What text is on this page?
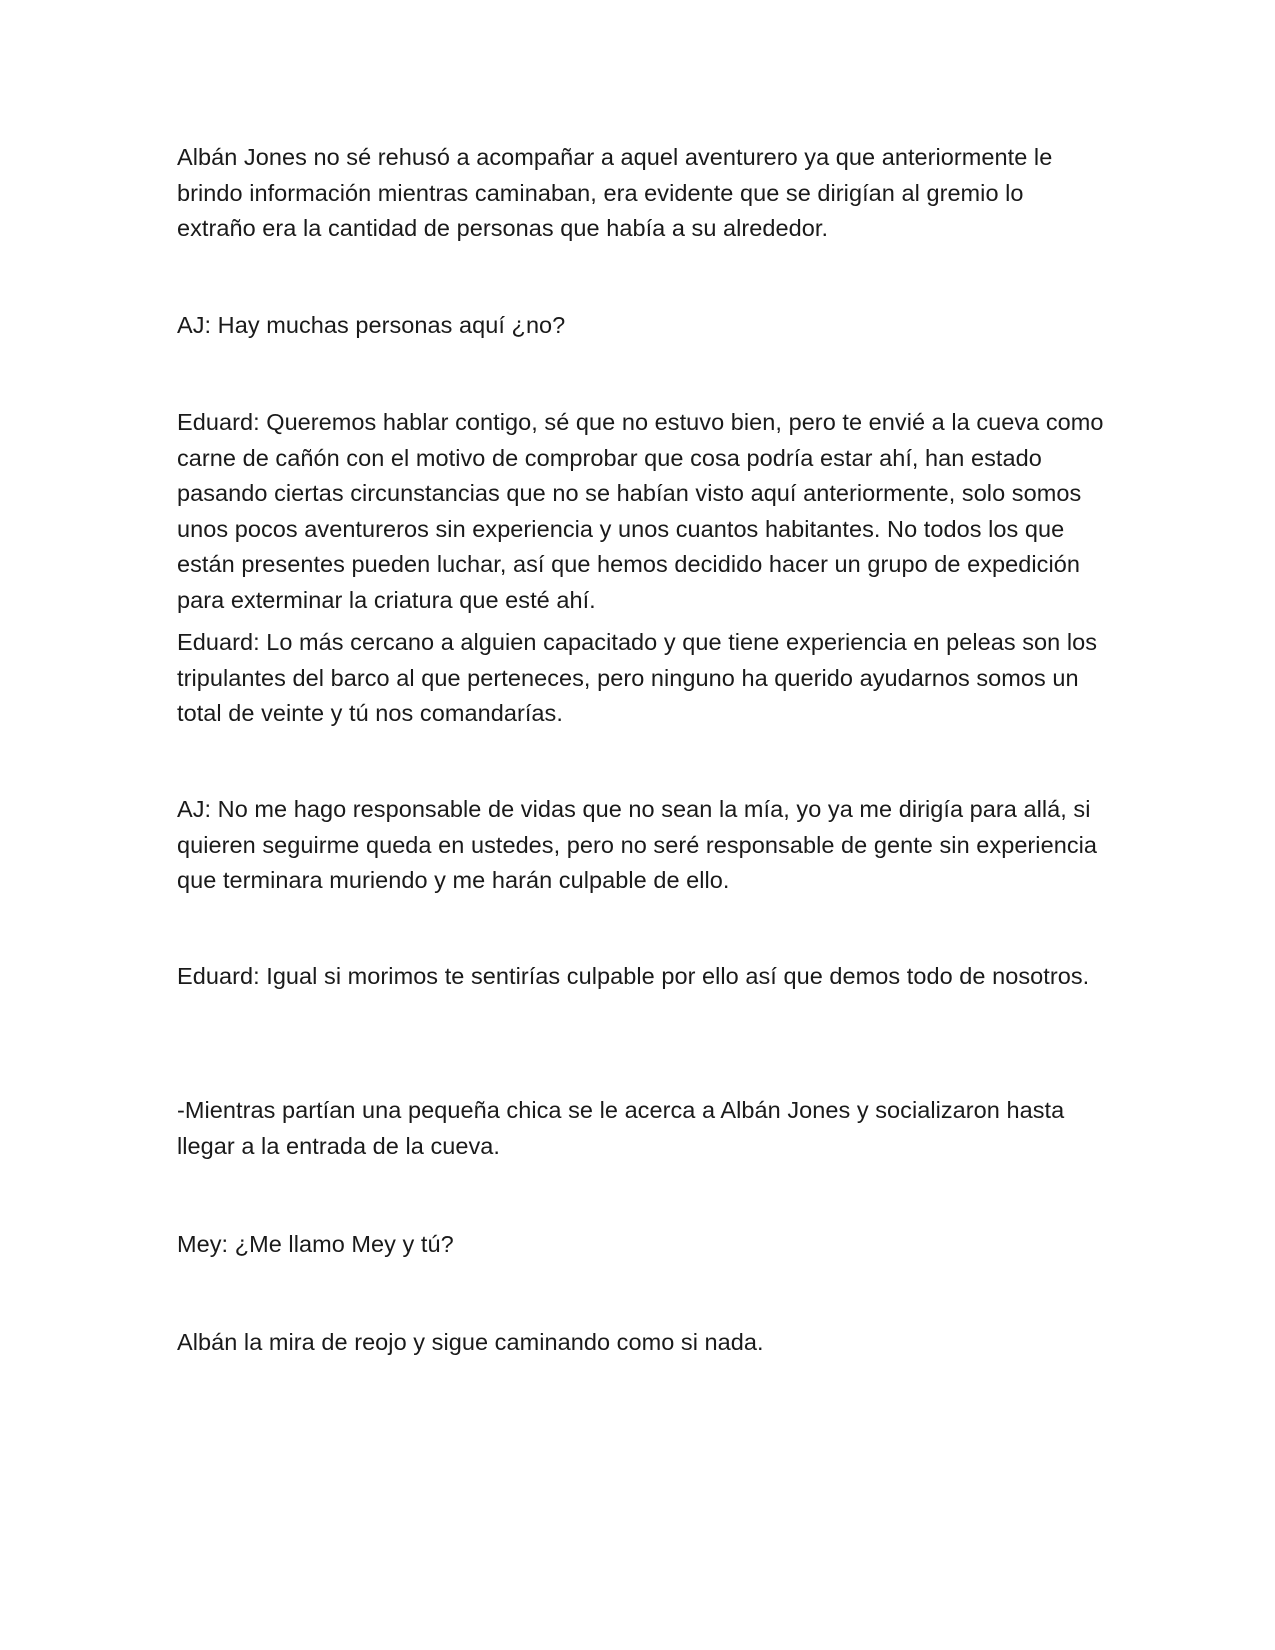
Albán Jones no sé rehusó a acompañar a aquel aventurero ya que anteriormente le brindo información mientras caminaban, era evidente que se dirigían al gremio lo extraño era la cantidad de personas que había a su alrededor.

AJ: Hay muchas personas aquí ¿no?

Eduard: Queremos hablar contigo, sé que no estuvo bien, pero te envié a la cueva como carne de cañón con el motivo de comprobar que cosa podría estar ahí, han estado pasando ciertas circunstancias que no se habían visto aquí anteriormente, solo somos unos pocos aventureros sin experiencia y unos cuantos habitantes. No todos los que están presentes pueden luchar, así que hemos decidido hacer un grupo de expedición para exterminar la criatura que esté ahí.

Eduard: Lo más cercano a alguien capacitado y que tiene experiencia en peleas son los tripulantes del barco al que perteneces, pero ninguno ha querido ayudarnos somos un total de veinte y tú nos comandarías.

AJ: No me hago responsable de vidas que no sean la mía, yo ya me dirigía para allá, si quieren seguirme queda en ustedes, pero no seré responsable de gente sin experiencia que terminara muriendo y me harán culpable de ello.

Eduard: Igual si morimos te sentirías culpable por ello así que demos todo de nosotros.

-Mientras partían una pequeña chica se le acerca a Albán Jones y socializaron hasta llegar a la entrada de la cueva.

Mey: ¿Me llamo Mey y tú?

Albán la mira de reojo y sigue caminando como si nada.
